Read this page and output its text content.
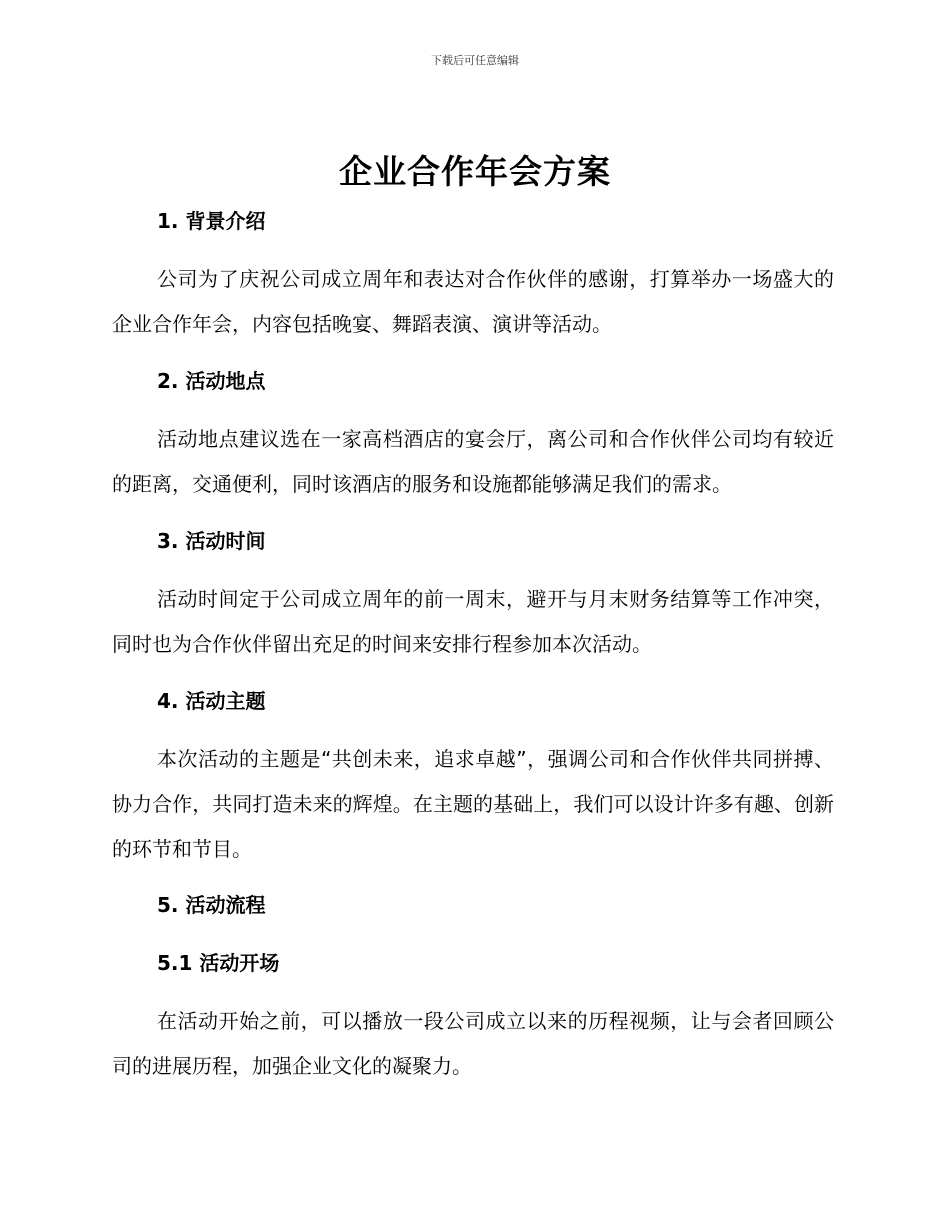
下载后可任意编辑
企业合作年会方案
1. 背景介绍

公司为了庆祝公司成立周年和表达对合作伙伴的感谢，打算举办一场盛大的企业合作年会，内容包括晚宴、舞蹈表演、演讲等活动。

2. 活动地点

活动地点建议选在一家高档酒店的宴会厅，离公司和合作伙伴公司均有较近的距离，交通便利，同时该酒店的服务和设施都能够满足我们的需求。

3. 活动时间

活动时间定于公司成立周年的前一周末，避开与月末财务结算等工作冲突，同时也为合作伙伴留出充足的时间来安排行程参加本次活动。

4. 活动主题

本次活动的主题是“共创未来，追求卓越”，强调公司和合作伙伴共同拼搏、协力合作，共同打造未来的辉煌。在主题的基础上，我们可以设计许多有趣、创新的环节和节目。

5. 活动流程
5.1 活动开场

在活动开始之前，可以播放一段公司成立以来的历程视频，让与会者回顾公司的进展历程，加强企业文化的凝聚力。
